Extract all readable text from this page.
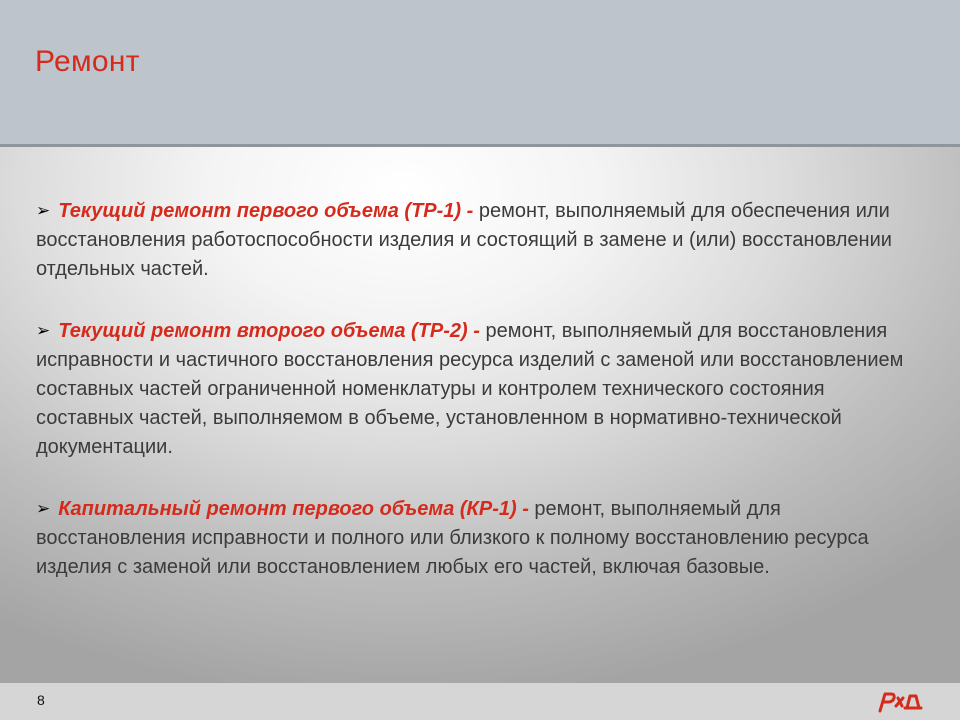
Ремонт
➢ Текущий ремонт первого объема (ТР-1) - ремонт, выполняемый для обеспечения или восстановления работоспособности изделия и состоящий в замене и (или) восстановлении отдельных частей.
➢ Текущий ремонт второго объема (ТР-2) - ремонт, выполняемый для восстановления исправности и частичного восстановления ресурса изделий с заменой или восстановлением составных частей ограниченной номенклатуры и контролем технического состояния составных частей, выполняемом в объеме, установленном в нормативно-технической документации.
➢ Капитальный ремонт первого объема (КР-1) - ремонт, выполняемый для восстановления исправности и полного или близкого к полному восстановлению ресурса изделия с заменой или восстановлением любых его частей, включая базовые.
8
